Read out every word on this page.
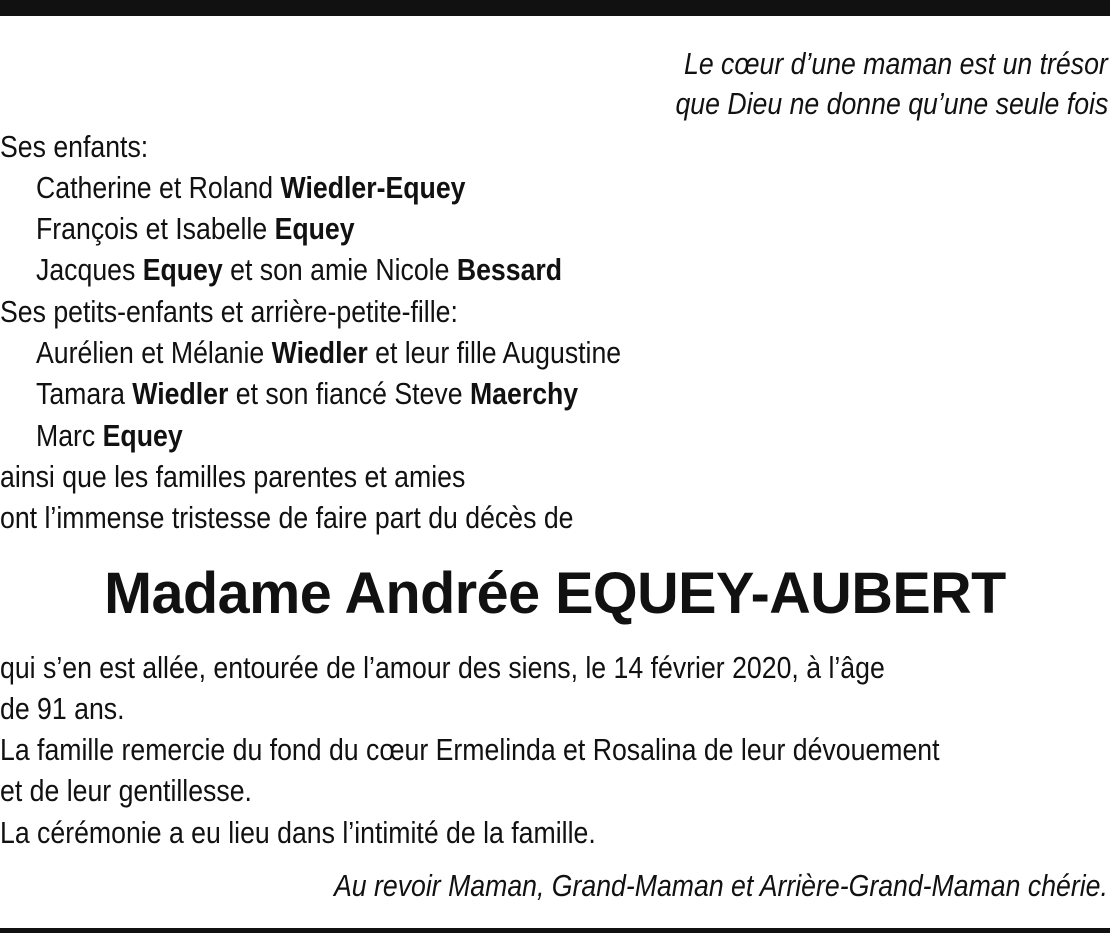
Le cœur d’une maman est un trésor
que Dieu ne donne qu’une seule fois
Ses enfants:
Catherine et Roland Wiedler-Equey
François et Isabelle Equey
Jacques Equey et son amie Nicole Bessard
Ses petits-enfants et arrière-petite-fille:
Aurélien et Mélanie Wiedler et leur fille Augustine
Tamara Wiedler et son fiancé Steve Maerchy
Marc Equey
ainsi que les familles parentes et amies
ont l’immense tristesse de faire part du décès de
Madame Andrée EQUEY-AUBERT
qui s’en est allée, entourée de l’amour des siens, le 14 février 2020, à l’âge
de 91 ans.
La famille remercie du fond du cœur Ermelinda et Rosalina de leur dévouement
et de leur gentillesse.
La cérémonie a eu lieu dans l’intimité de la famille.
Au revoir Maman, Grand-Maman et Arrière-Grand-Maman chérie.
